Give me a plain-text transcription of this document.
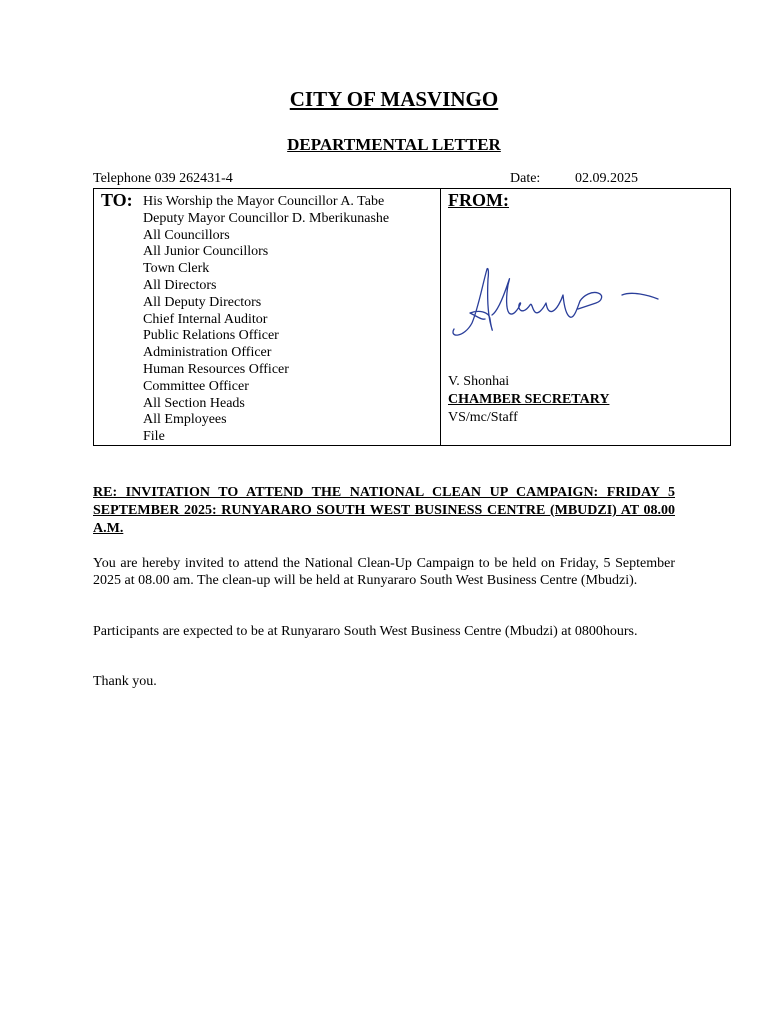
CITY OF MASVINGO
DEPARTMENTAL LETTER
Telephone 039 262431-4	Date: 02.09.2025
TO: His Worship the Mayor Councillor A. Tabe
Deputy Mayor Councillor D. Mberikunashe
All Councillors
All Junior Councillors
Town Clerk
All Directors
All Deputy Directors
Chief Internal Auditor
Public Relations Officer
Administration Officer
Human Resources Officer
Committee Officer
All Section Heads
All Employees
File
FROM:
V. Shonhai
CHAMBER SECRETARY
VS/mc/Staff

RE: INVITATION TO ATTEND THE NATIONAL CLEAN UP CAMPAIGN: FRIDAY 5 SEPTEMBER 2025: RUNYARARO SOUTH WEST BUSINESS CENTRE (MBUDZI) AT 08.00 A.M.

You are hereby invited to attend the National Clean-Up Campaign to be held on Friday, 5 September 2025 at 08.00 am. The clean-up will be held at Runyararo South West Business Centre (Mbudzi).

Participants are expected to be at Runyararo South West Business Centre (Mbudzi) at 0800hours.

Thank you.
